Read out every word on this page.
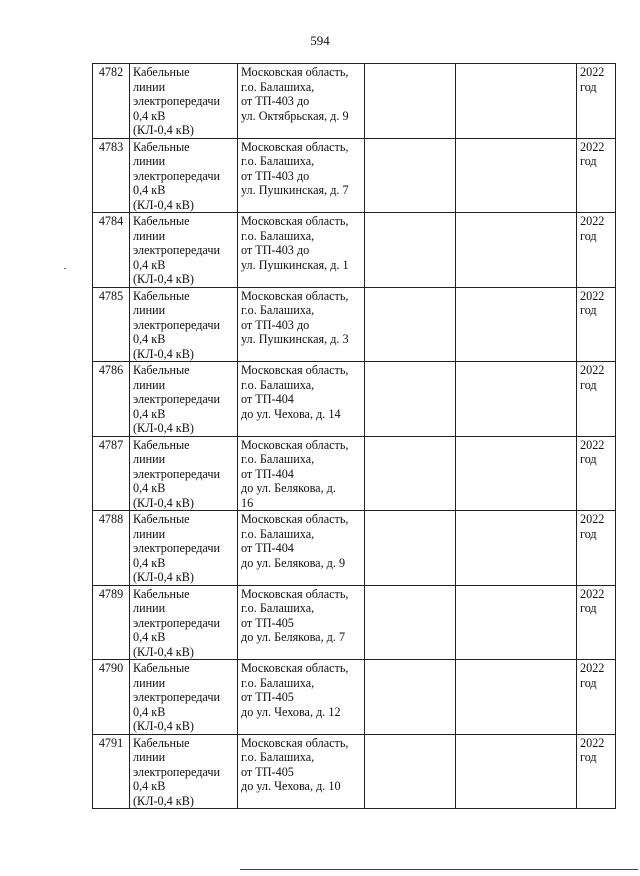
594
4782	Кабельные
линии
электропередачи
0,4 кВ
(КЛ-0,4 кВ)	Московская область,
г.о. Балашиха,
от ТП-403 до
ул. Октябрьская, д. 9			2022
год

4783	Кабельные
линии
электропередачи
0,4 кВ
(КЛ-0,4 кВ)	Московская область,
г.о. Балашиха,
от ТП-403 до
ул. Пушкинская, д. 7			2022
год

4784	Кабельные
линии
электропередачи
0,4 кВ
(КЛ-0,4 кВ)	Московская область,
г.о. Балашиха,
от ТП-403 до
ул. Пушкинская, д. 1			2022
год

4785	Кабельные
линии
электропередачи
0,4 кВ
(КЛ-0,4 кВ)	Московская область,
г.о. Балашиха,
от ТП-403 до
ул. Пушкинская, д. 3			2022
год

4786	Кабельные
линии
электропередачи
0,4 кВ
(КЛ-0,4 кВ)	Московская область,
г.о. Балашиха,
от ТП-404
до ул. Чехова, д. 14			2022
год

4787	Кабельные
линии
электропередачи
0,4 кВ
(КЛ-0,4 кВ)	Московская область,
г.о. Балашиха,
от ТП-404
до ул. Белякова, д.
16			2022
год

4788	Кабельные
линии
электропередачи
0,4 кВ
(КЛ-0,4 кВ)	Московская область,
г.о. Балашиха,
от ТП-404
до ул. Белякова, д. 9			2022
год

4789	Кабельные
линии
электропередачи
0,4 кВ
(КЛ-0,4 кВ)	Московская область,
г.о. Балашиха,
от ТП-405
до ул. Белякова, д. 7			2022
год

4790	Кабельные
линии
электропередачи
0,4 кВ
(КЛ-0,4 кВ)	Московская область,
г.о. Балашиха,
от ТП-405
до ул. Чехова, д. 12			2022
год

4791	Кабельные
линии
электропередачи
0,4 кВ
(КЛ-0,4 кВ)	Московская область,
г.о. Балашиха,
от ТП-405
до ул. Чехова, д. 10			2022
год
